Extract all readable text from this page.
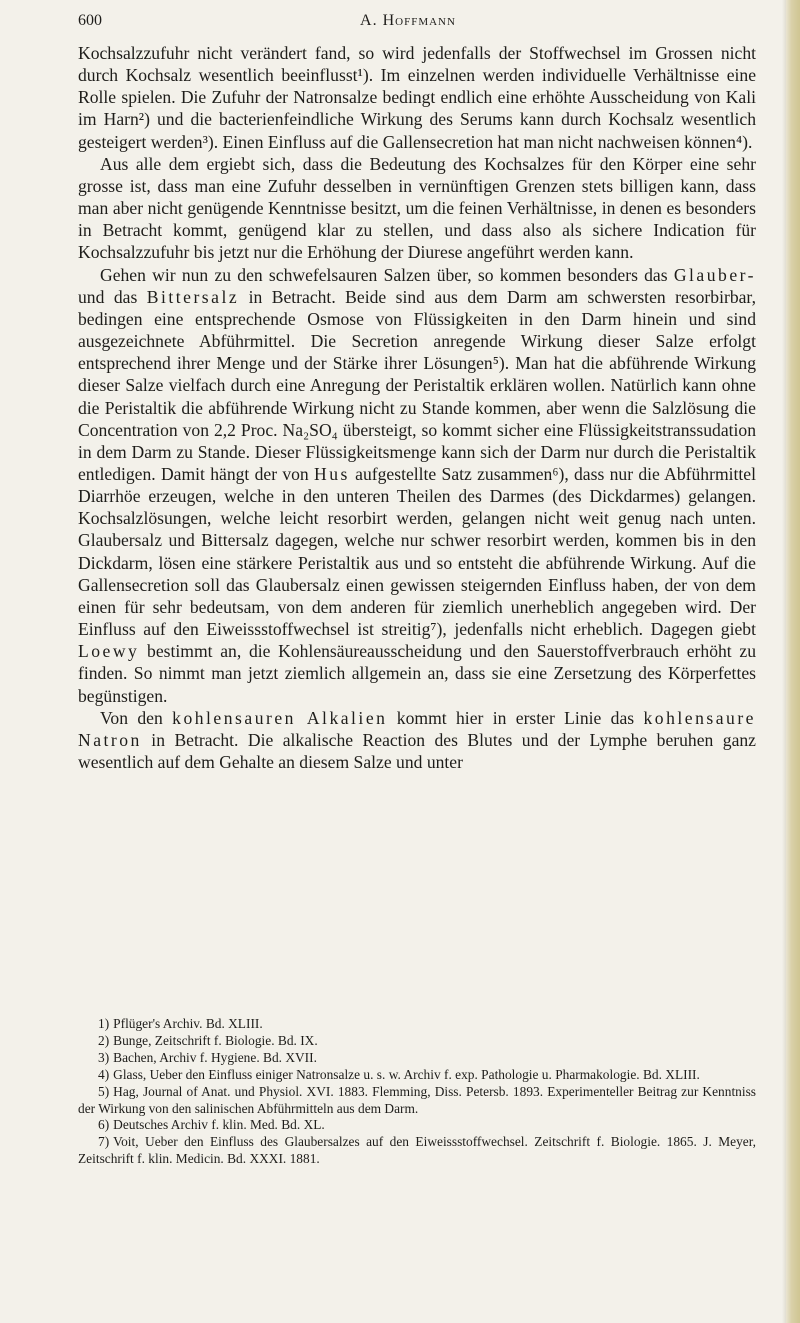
600	A. Hoffmann

Kochsalzzufuhr nicht verändert fand, so wird jedenfalls der Stoffwechsel im Grossen nicht durch Kochsalz wesentlich beeinflusst¹). Im einzelnen werden individuelle Verhältnisse eine Rolle spielen. Die Zufuhr der Natronsalze bedingt endlich eine erhöhte Ausscheidung von Kali im Harn²) und die bacterienfeindliche Wirkung des Serums kann durch Kochsalz wesentlich gesteigert werden³). Einen Einfluss auf die Gallensecretion hat man nicht nachweisen können⁴).

Aus alle dem ergiebt sich, dass die Bedeutung des Kochsalzes für den Körper eine sehr grosse ist, dass man eine Zufuhr desselben in vernünftigen Grenzen stets billigen kann, dass man aber nicht genügende Kenntnisse besitzt, um die feinen Verhältnisse, in denen es besonders in Betracht kommt, genügend klar zu stellen, und dass also als sichere Indication für Kochsalzzufuhr bis jetzt nur die Erhöhung der Diurese angeführt werden kann.

Gehen wir nun zu den schwefelsauren Salzen über, so kommen besonders das Glauber- und das Bittersalz in Betracht. Beide sind aus dem Darm am schwersten resorbirbar, bedingen eine entsprechende Osmose von Flüssigkeiten in den Darm hinein und sind ausgezeichnete Abführmittel. Die Secretion anregende Wirkung dieser Salze erfolgt entsprechend ihrer Menge und der Stärke ihrer Lösungen⁵). Man hat die abführende Wirkung dieser Salze vielfach durch eine Anregung der Peristaltik erklären wollen. Natürlich kann ohne die Peristaltik die abführende Wirkung nicht zu Stande kommen, aber wenn die Salzlösung die Concentration von 2,2 Proc. Na₂SO₄ übersteigt, so kommt sicher eine Flüssigkeitstranssudation in dem Darm zu Stande. Dieser Flüssigkeitsmenge kann sich der Darm nur durch die Peristaltik entledigen. Damit hängt der von Hus aufgestellte Satz zusammen⁶), dass nur die Abführmittel Diarrhöe erzeugen, welche in den unteren Theilen des Darmes (des Dickdarmes) gelangen. Kochsalzlösungen, welche leicht resorbirt werden, gelangen nicht weit genug nach unten. Glaubersalz und Bittersalz dagegen, welche nur schwer resorbirt werden, kommen bis in den Dickdarm, lösen eine stärkere Peristaltik aus und so entsteht die abführende Wirkung. Auf die Gallensecretion soll das Glaubersalz einen gewissen steigernden Einfluss haben, der von dem einen für sehr bedeutsam, von dem anderen für ziemlich unerheblich angegeben wird. Der Einfluss auf den Eiweissstoffwechsel ist streitig⁷), jedenfalls nicht erheblich. Dagegen giebt Loewy bestimmt an, die Kohlensäureausscheidung und den Sauerstoffverbrauch erhöht zu finden. So nimmt man jetzt ziemlich allgemein an, dass sie eine Zersetzung des Körperfettes begünstigen.

Von den kohlensauren Alkalien kommt hier in erster Linie das kohlensaure Natron in Betracht. Die alkalische Reaction des Blutes und der Lymphe beruhen ganz wesentlich auf dem Gehalte an diesem Salze und unter

1) Pflüger's Archiv. Bd. XLIII.

2) Bunge, Zeitschrift f. Biologie. Bd. IX.

3) Bachen, Archiv f. Hygiene. Bd. XVII.

4) Glass, Ueber den Einfluss einiger Natronsalze u. s. w. Archiv f. exp. Pathologie u. Pharmakologie. Bd. XLIII.

5) Hag, Journal of Anat. und Physiol. XVI. 1883. Flemming, Diss. Petersb. 1893. Experimenteller Beitrag zur Kenntniss der Wirkung von den salinischen Abführmitteln aus dem Darm.

6) Deutsches Archiv f. klin. Med. Bd. XL.

7) Voit, Ueber den Einfluss des Glaubersalzes auf den Eiweissstoffwechsel. Zeitschrift f. Biologie. 1865. J. Meyer, Zeitschrift f. klin. Medicin. Bd. XXXI. 1881.
